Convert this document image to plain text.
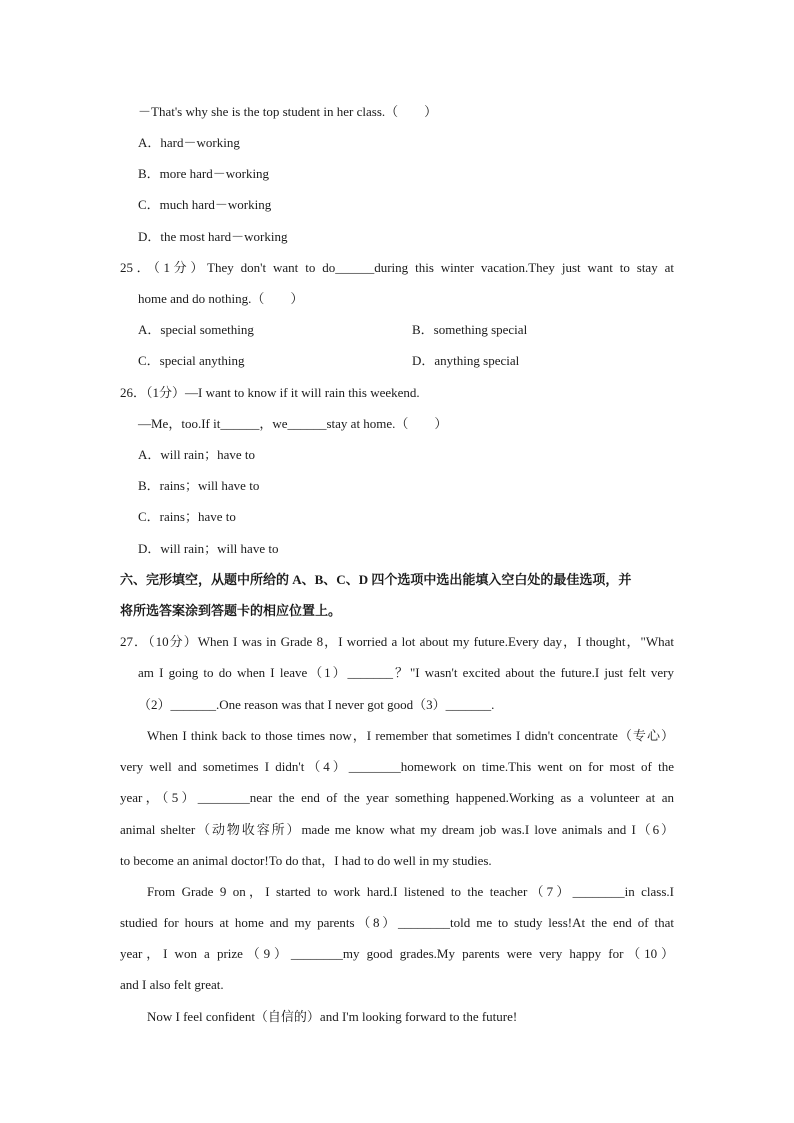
－That's why she is the top student in her class.（　　）
A．hard－working
B．more hard－working
C．much hard－working
D．the most hard－working
25．（1分）They don't want to do______during this winter vacation.They just want to stay at
home and do nothing.（　　）
A．special something	B．something special
C．special anything	D．anything special
26．（1分）—I want to know if it will rain this weekend.
—Me，too.If it______，we______stay at home.（　　）
A．will rain；have to
B．rains；will have to
C．rains；have to
D．will rain；will have to
六、完形填空，从题中所给的 A、B、C、D 四个选项中选出能填入空白处的最佳选项，并
将所选答案涂到答题卡的相应位置上。
27．（10分）When I was in Grade 8，I worried a lot about my future.Every day，I thought，"What
am I going to do when I leave（1）_______？"I wasn't excited about the future.I just felt very
（2）_______.One reason was that I never got good（3）_______.
When I think back to those times now，I remember that sometimes I didn't concentrate（专心）
very well and sometimes I didn't（4）________homework on time.This went on for most of the
year，（5）________near the end of the year something happened.Working as a volunteer at an
animal shelter（动物收容所）made me know what my dream job was.I love animals and I（6）
to become an animal doctor!To do that，I had to do well in my studies.
From Grade 9 on，I started to work hard.I listened to the teacher（7）________in class.I
studied for hours at home and my parents（8）________told me to study less!At the end of that
year，I won a prize（9）________my good grades.My parents were very happy for（10）
and I also felt great.
Now I feel confident（自信的）and I'm looking forward to the future!
